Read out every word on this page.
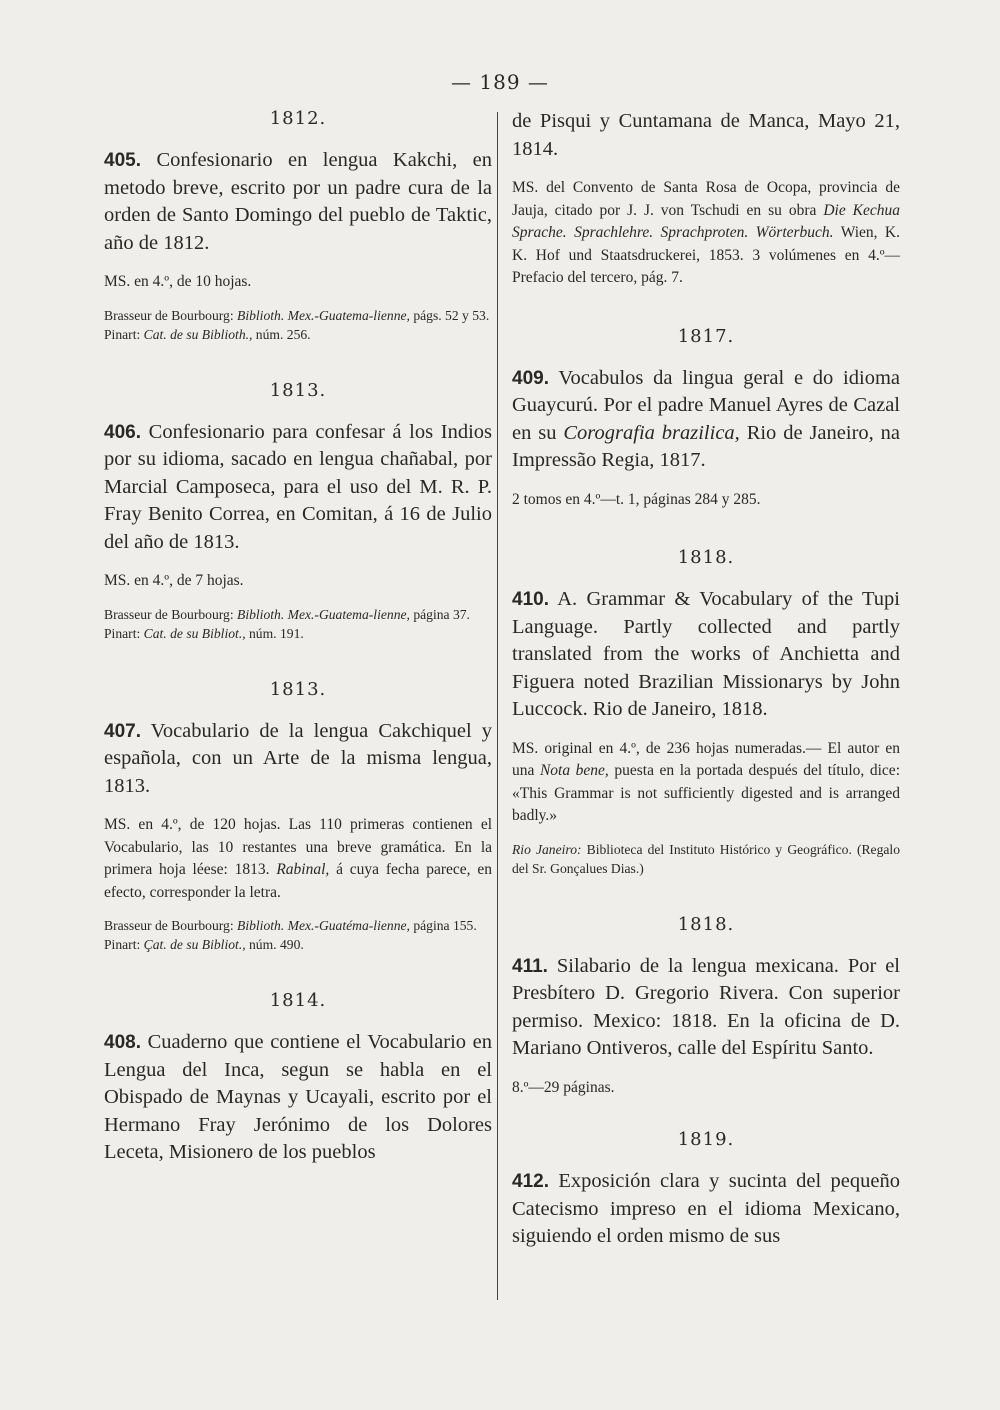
— 189 —
1812.

405. Confesionario en lengua Kakchi, en metodo breve, escrito por un padre cura de la orden de Santo Domingo del pueblo de Taktic, año de 1812.

MS. en 4.º, de 10 hojas.

Brasseur de Bourbourg: Biblioth. Mex.-Guatema-lienne, págs. 52 y 53.

Pinart: Cat. de su Biblioth., núm. 256.

1813.

406. Confesionario para confesar á los Indios por su idioma, sacado en lengua chañabal, por Marcial Camposeca, para el uso del M. R. P. Fray Benito Correa, en Comitan, á 16 de Julio del año de 1813.

MS. en 4.º, de 7 hojas.

Brasseur de Bourbourg: Biblioth. Mex.-Guatema-lienne, página 37.

Pinart: Cat. de su Bibliot., núm. 191.

1813.

407. Vocabulario de la lengua Cakchiquel y española, con un Arte de la misma lengua, 1813.

MS. en 4.º, de 120 hojas. Las 110 primeras contienen el Vocabulario, las 10 restantes una breve gramática. En la primera hoja léese: 1813. Rabinal, á cuya fecha parece, en efecto, corresponder la letra.

Brasseur de Bourbourg: Biblioth. Mex.-Guatéma-lienne, página 155.

Pinart: Çat. de su Bibliot., núm. 490.

1814.

408. Cuaderno que contiene el Vocabulario en Lengua del Inca, segun se habla en el Obispado de Maynas y Ucayali, escrito por el Hermano Fray Jerónimo de los Dolores Leceta, Misionero de los pueblos

de Pisqui y Cuntamana de Manca, Mayo 21, 1814.

MS. del Convento de Santa Rosa de Ocopa, provincia de Jauja, citado por J. J. von Tschudi en su obra Die Kechua Sprache. Sprachlehre. Sprachproten. Wörterbuch. Wien, K. K. Hof und Staatsdruckerei, 1853. 3 volúmenes en 4.º—Prefacio del tercero, pág. 7.

1817.

409. Vocabulos da lingua geral e do idioma Guaycurú. Por el padre Manuel Ayres de Cazal en su Corografia brazilica, Rio de Janeiro, na Impressão Regia, 1817.

2 tomos en 4.º—t. 1, páginas 284 y 285.

1818.

410. A. Grammar & Vocabulary of the Tupi Language. Partly collected and partly translated from the works of Anchietta and Figuera noted Brazilian Missionarys by John Luccock. Rio de Janeiro, 1818.

MS. original en 4.º, de 236 hojas numeradas.— El autor en una Nota bene, puesta en la portada después del título, dice: «This Grammar is not sufficiently digested and is arranged badly.»

Rio Janeiro: Biblioteca del Instituto Histórico y Geográfico. (Regalo del Sr. Gonçalues Dias.)

1818.

411. Silabario de la lengua mexicana. Por el Presbítero D. Gregorio Rivera. Con superior permiso. Mexico: 1818. En la oficina de D. Mariano Ontiveros, calle del Espíritu Santo.

8.º—29 páginas.

1819.

412. Exposición clara y sucinta del pequeño Catecismo impreso en el idioma Mexicano, siguiendo el orden mismo de sus
